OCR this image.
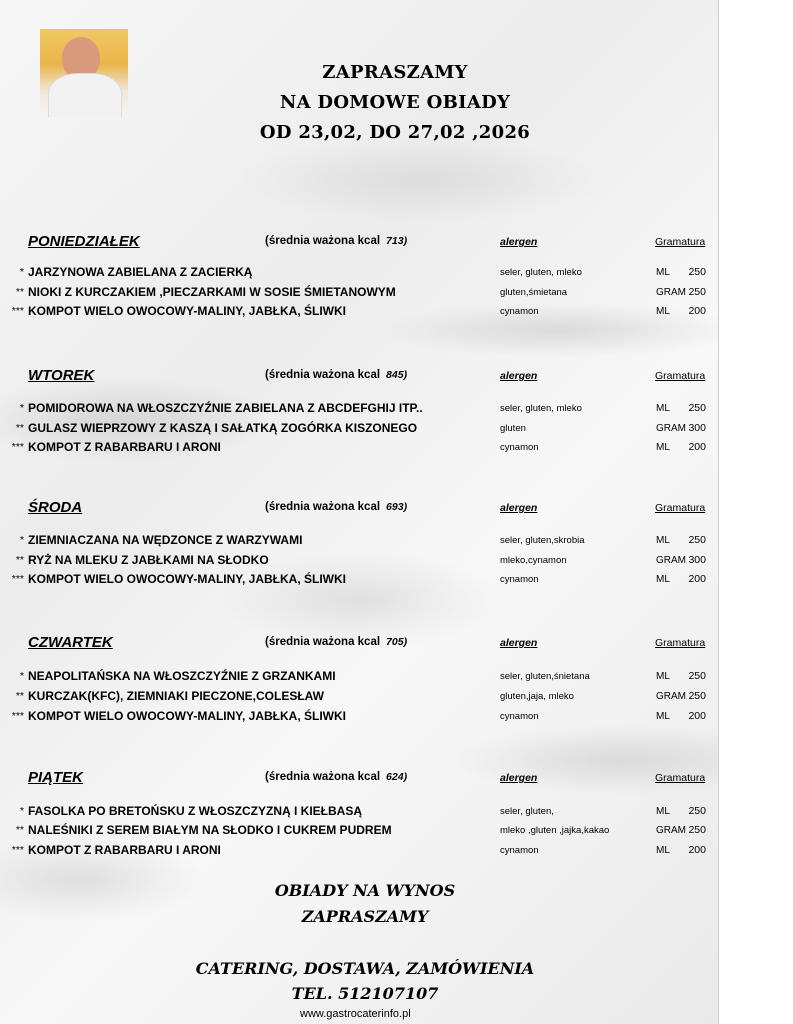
ZAPRASZAMY
NA DOMOWE OBIADY
OD 23,02, DO 27,02 ,2026
PONIEDZIAŁEK	(średnia ważona kcal 713)	alergen	Gramatura
* JARZYNOWA ZABIELANA Z ZACIERKĄ	seler, gluten, mleko	ML	250
** NIOKI Z KURCZAKIEM ,PIECZARKAMI W SOSIE ŚMIETANOWYM	gluten,śmietana	GRAM 250
*** KOMPOT WIELO OWOCOWY-MALINY, JABŁKA, ŚLIWKI	cynamon	ML	200
WTOREK	(średnia ważona kcal 845)	alergen	Gramatura
* POMIDOROWA NA WŁOSZCZYŹNIE ZABIELANA Z ABCDEFGHIJ ITP..	seler, gluten, mleko	ML	250
** GULASZ WIEPRZOWY Z KASZĄ I SAŁATKĄ ZOGÓRKA KISZONEGO	gluten	GRAM 300
*** KOMPOT Z RABARBARU I ARONI	cynamon	ML	200
ŚRODA	(średnia ważona kcal 693)	alergen	Gramatura
* ZIEMNIACZANA NA WĘDZONCE Z WARZYWAMI	seler, gluten,skrobia	ML	250
** RYŻ NA MLEKU Z JABŁKAMI NA SŁODKO	mleko,cynamon	GRAM 300
*** KOMPOT WIELO OWOCOWY-MALINY, JABŁKA, ŚLIWKI	cynamon	ML	200
CZWARTEK	(średnia ważona kcal 705)	alergen	Gramatura
* NEAPOLITAŃSKA NA WŁOSZCZYŹNIE Z GRZANKAMI	seler, gluten,śnietana	ML	250
** KURCZAK(KFC), ZIEMNIAKI PIECZONE,COLESŁAW	gluten,jaja, mleko	GRAM 250
*** KOMPOT WIELO OWOCOWY-MALINY, JABŁKA, ŚLIWKI	cynamon	ML	200
PIĄTEK	(średnia ważona kcal 624)	alergen	Gramatura
* FASOLKA PO BRETOŃSKU Z WŁOSZCZYZNĄ I KIEŁBASĄ	seler, gluten,	ML	250
** NALEŚNIKI Z SEREM BIAŁYM NA SŁODKO I CUKREM PUDREM	mleko ,gluten ,jajka,kakao	GRAM 250
*** KOMPOT Z RABARBARU I ARONI	cynamon	ML	200
OBIADY NA WYNOS
ZAPRASZAMY
CATERING, DOSTAWA, ZAMÓWIENIA
TEL. 512107107
www.gastrocaterinfo.pl
